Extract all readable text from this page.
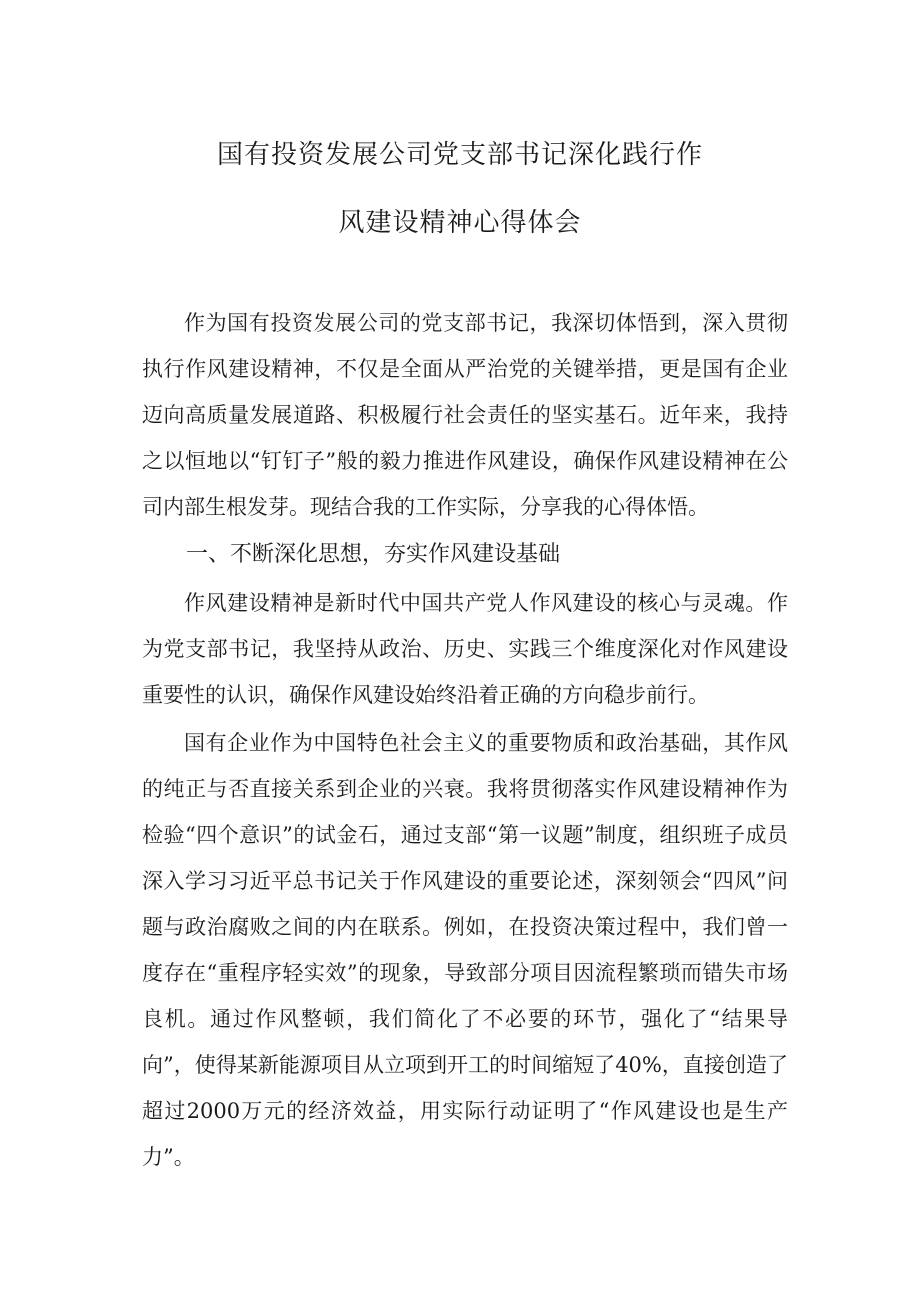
国有投资发展公司党支部书记深化践行作
风建设精神心得体会

作为国有投资发展公司的党支部书记，我深切体悟到，深入贯彻执行作风建设精神，不仅是全面从严治党的关键举措，更是国有企业迈向高质量发展道路、积极履行社会责任的坚实基石。近年来，我持之以恒地以“钉钉子”般的毅力推进作风建设，确保作风建设精神在公司内部生根发芽。现结合我的工作实际，分享我的心得体悟。

一、不断深化思想，夯实作风建设基础

作风建设精神是新时代中国共产党人作风建设的核心与灵魂。作为党支部书记，我坚持从政治、历史、实践三个维度深化对作风建设重要性的认识，确保作风建设始终沿着正确的方向稳步前行。

国有企业作为中国特色社会主义的重要物质和政治基础，其作风的纯正与否直接关系到企业的兴衰。我将贯彻落实作风建设精神作为检验“四个意识”的试金石，通过支部“第一议题”制度，组织班子成员深入学习习近平总书记关于作风建设的重要论述，深刻领会“四风”问题与政治腐败之间的内在联系。例如，在投资决策过程中，我们曾一度存在“重程序轻实效”的现象，导致部分项目因流程繁琐而错失市场良机。通过作风整顿，我们简化了不必要的环节，强化了“结果导向”，使得某新能源项目从立项到开工的时间缩短了40%，直接创造了超过2000万元的经济效益，用实际行动证明了“作风建设也是生产力”。
